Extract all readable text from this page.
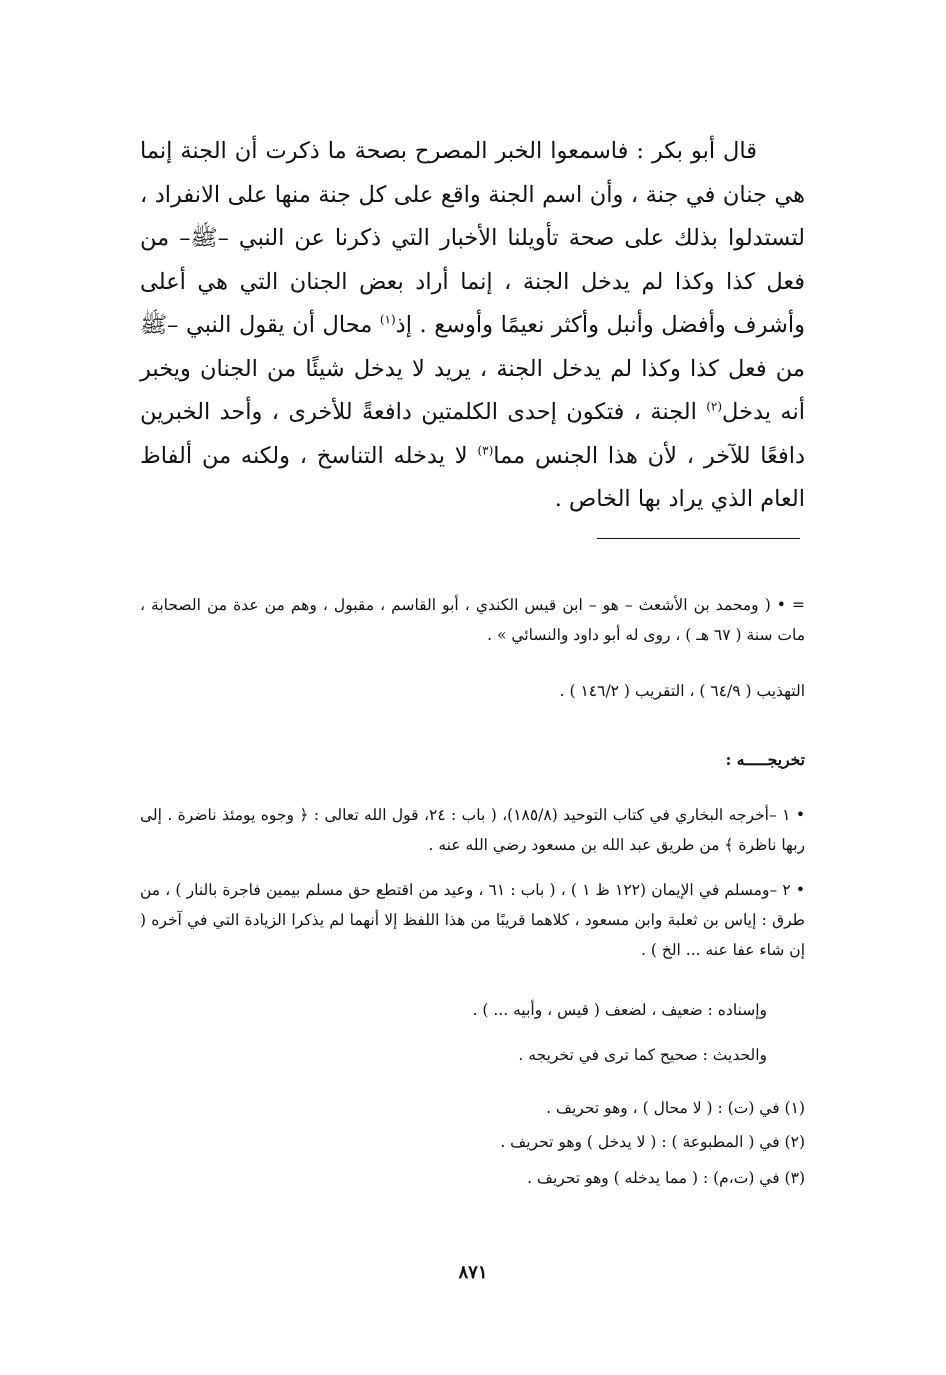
قال أبو بكر : فاسمعوا الخبر المصرح بصحة ما ذكرت أن الجنة إنما هي جنان في جنة ، وأن اسم الجنة واقع على كل جنة منها على الانفراد ، لتستدلوا بذلك على صحة تأويلنا الأخبار التي ذكرنا عن النبي –ﷺ– من فعل كذا وكذا لم يدخل الجنة ، إنما أراد بعض الجنان التي هي أعلى وأشرف وأفضل وأنبل وأكثر نعيمًا وأوسع . إذ$^{(١)}$ محال أن يقول النبي –ﷺ من فعل كذا وكذا لم يدخل الجنة ، يريد لا يدخل شيئًا من الجنان ويخبر أنه يدخل$^{(٢)}$ الجنة ، فتكون إحدى الكلمتين دافعةً للأخرى ، وأحد الخبرين دافعًا للآخر ، لأن هذا الجنس مما$^{(٣)}$ لا يدخله التناسخ ، ولكنه من ألفاظ العام الذي يراد بها الخاص .

= • ( ومحمد بن الأشعث – هو – ابن قيس الكندي ، أبو القاسم ، مقبول ، وهم من عدة من الصحابة ، مات سنة ( ٦٧ هـ ) ، روى له أبو داود والنسائي » .

التهذيب ( ٦٤/٩ ) ، التقريب ( ١٤٦/٢ ) .

تخريجـــــه :

• ١ –أخرجه البخاري في كتاب التوحيد (١٨٥/٨)، ( باب : ٢٤، قول الله تعالى : ﴿ وجوه يومئذ ناضرة . إلى ربها ناظرة ﴾ من طريق عبد الله بن مسعود رضي الله عنه .

• ٢ –ومسلم في الإيمان (١٢٢ ظ ١ ) ، ( باب : ٦١ ، وعيد من اقتطع حق مسلم بيمين فاجرة بالنار ) ، من طرق : إياس بن ثعلبة وابن مسعود ، كلاهما قريبًا من هذا اللفظ إلا أنهما لم يذكرا الزيادة التي في آخره ( إن شاء عفا عنه ... الخ ) .

وإسناده : ضعيف ، لضعف ( قيس ، وأبيه ... ) .

والحديث : صحيح كما ترى في تخريجه .

(١) في (ت) : ( لا محال ) ، وهو تحريف .

(٢) في ( المطبوعة ) : ( لا يدخل ) وهو تحريف .

(٣) في (ت،م) : ( مما يدخله ) وهو تحريف .

٨٧١
